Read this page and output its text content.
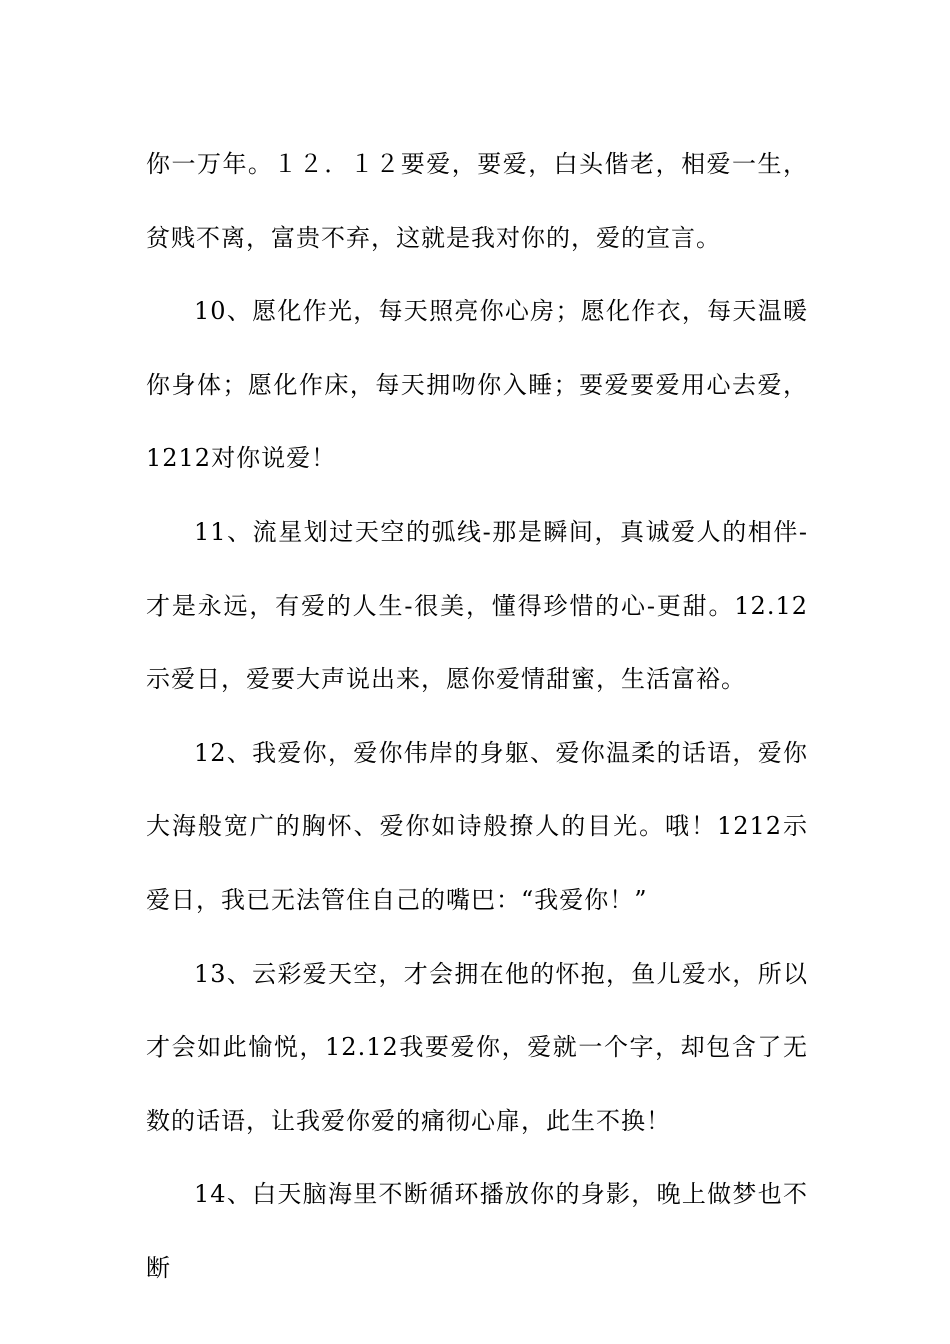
你一万年。１２．１２要爱，要爱，白头偕老，相爱一生，贫贱不离，富贵不弃，这就是我对你的，爱的宣言。

10、愿化作光，每天照亮你心房；愿化作衣，每天温暖你身体；愿化作床，每天拥吻你入睡；要爱要爱用心去爱，1212对你说爱！

11、流星划过天空的弧线-那是瞬间，真诚爱人的相伴-才是永远，有爱的人生-很美，懂得珍惜的心-更甜。12.12示爱日，爱要大声说出来，愿你爱情甜蜜，生活富裕。

12、我爱你，爱你伟岸的身躯、爱你温柔的话语，爱你大海般宽广的胸怀、爱你如诗般撩人的目光。哦！1212示爱日，我已无法管住自己的嘴巴：“我爱你！”

13、云彩爱天空，才会拥在他的怀抱，鱼儿爱水，所以才会如此愉悦，12.12我要爱你，爱就一个字，却包含了无数的话语，让我爱你爱的痛彻心扉，此生不换！

14、白天脑海里不断循环播放你的身影，晚上做梦也不断
